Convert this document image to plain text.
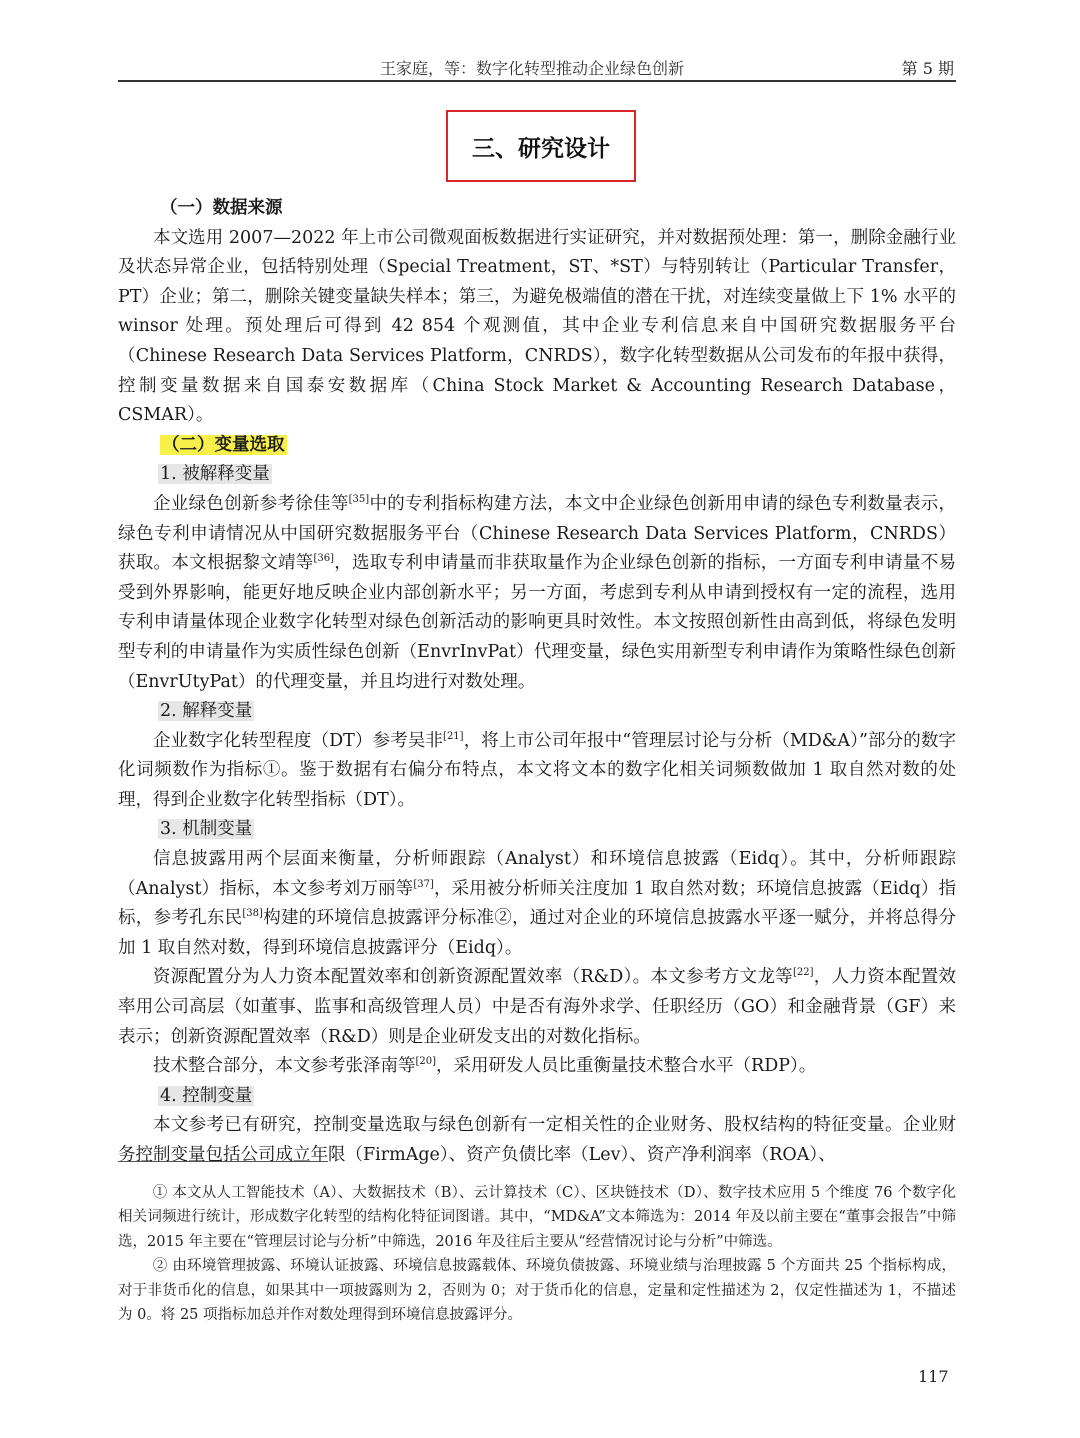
王家庭，等：数字化转型推动企业绿色创新	第 5 期
三、研究设计
（一）数据来源

本文选用 2007—2022 年上市公司微观面板数据进行实证研究，并对数据预处理：第一，删除金融行业及状态异常企业，包括特别处理（Special Treatment，ST、*ST）与特别转让（Particular Transfer，PT）企业；第二，删除关键变量缺失样本；第三，为避免极端值的潜在干扰，对连续变量做上下 1% 水平的 winsor 处理。预处理后可得到 42 854 个观测值，其中企业专利信息来自中国研究数据服务平台（Chinese Research Data Services Platform，CNRDS），数字化转型数据从公司发布的年报中获得，控制变量数据来自国泰安数据库（China Stock Market & Accounting Research Database，CSMAR）。

（二）变量选取
1. 被解释变量

企业绿色创新参考徐佳等[35]中的专利指标构建方法，本文中企业绿色创新用申请的绿色专利数量表示，绿色专利申请情况从中国研究数据服务平台（Chinese Research Data Services Platform，CNRDS）获取。本文根据黎文靖等[36]，选取专利申请量而非获取量作为企业绿色创新的指标，一方面专利申请量不易受到外界影响，能更好地反映企业内部创新水平；另一方面，考虑到专利从申请到授权有一定的流程，选用专利申请量体现企业数字化转型对绿色创新活动的影响更具时效性。本文按照创新性由高到低，将绿色发明型专利的申请量作为实质性绿色创新（EnvrInvPat）代理变量，绿色实用新型专利申请作为策略性绿色创新（EnvrUtyPat）的代理变量，并且均进行对数处理。

2. 解释变量

企业数字化转型程度（DT）参考吴非[21]，将上市公司年报中“管理层讨论与分析（MD&A）”部分的数字化词频数作为指标①。鉴于数据有右偏分布特点，本文将文本的数字化相关词频数做加 1 取自然对数的处理，得到企业数字化转型指标（DT）。

3. 机制变量

信息披露用两个层面来衡量，分析师跟踪（Analyst）和环境信息披露（Eidq）。其中，分析师跟踪（Analyst）指标，本文参考刘万丽等[37]，采用被分析师关注度加 1 取自然对数；环境信息披露（Eidq）指标，参考孔东民[38]构建的环境信息披露评分标准②，通过对企业的环境信息披露水平逐一赋分，并将总得分加 1 取自然对数，得到环境信息披露评分（Eidq）。

资源配置分为人力资本配置效率和创新资源配置效率（R&D）。本文参考方文龙等[22]，人力资本配置效率用公司高层（如董事、监事和高级管理人员）中是否有海外求学、任职经历（GO）和金融背景（GF）来表示；创新资源配置效率（R&D）则是企业研发支出的对数化指标。

技术整合部分，本文参考张泽南等[20]，采用研发人员比重衡量技术整合水平（RDP）。

4. 控制变量

本文参考已有研究，控制变量选取与绿色创新有一定相关性的企业财务、股权结构的特征变量。企业财务控制变量包括公司成立年限（FirmAge）、资产负债比率（Lev）、资产净利润率（ROA）、

① 本文从人工智能技术（A）、大数据技术（B）、云计算技术（C）、区块链技术（D）、数字技术应用 5 个维度 76 个数字化相关词频进行统计，形成数字化转型的结构化特征词图谱。其中，“MD&A”文本筛选为：2014 年及以前主要在“董事会报告”中筛选，2015 年主要在“管理层讨论与分析”中筛选，2016 年及往后主要从“经营情况讨论与分析”中筛选。

② 由环境管理披露、环境认证披露、环境信息披露载体、环境负债披露、环境业绩与治理披露 5 个方面共 25 个指标构成，对于非货币化的信息，如果其中一项披露则为 2，否则为 0；对于货币化的信息，定量和定性描述为 2，仅定性描述为 1，不描述为 0。将 25 项指标加总并作对数处理得到环境信息披露评分。

117
